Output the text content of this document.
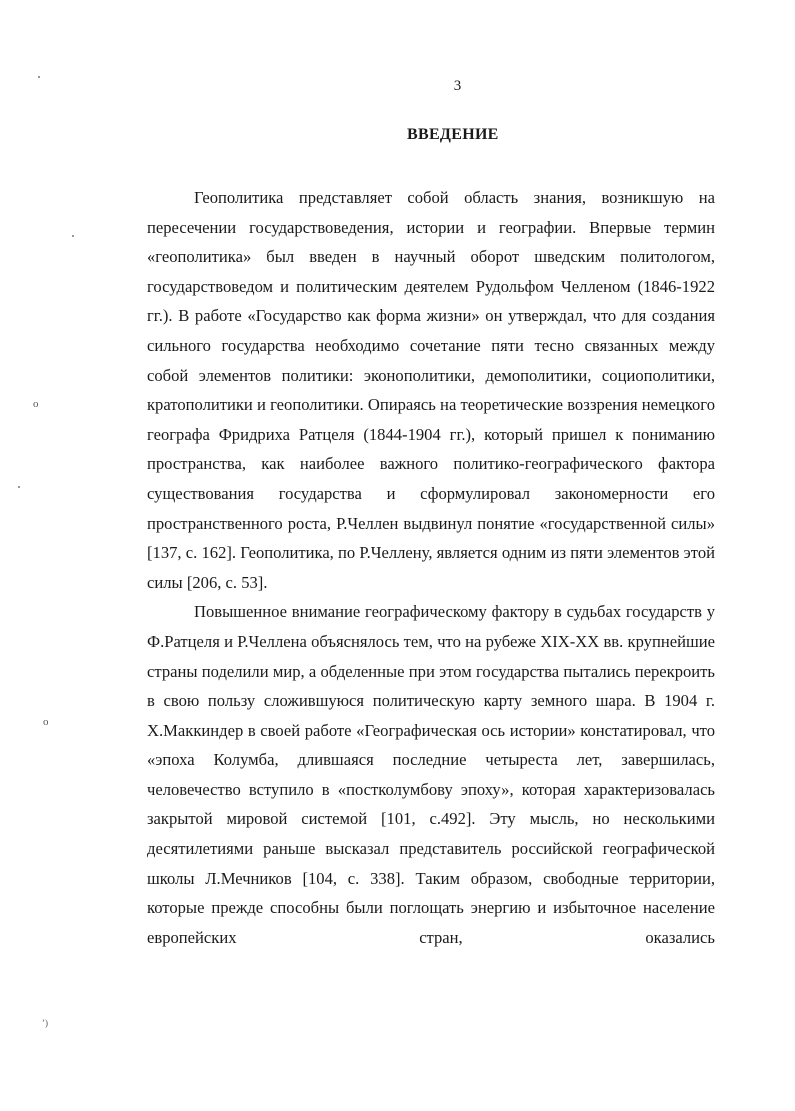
3
ВВЕДЕНИЕ

Геополитика представляет собой область знания, возникшую на пересечении государствоведения, истории и географии. Впервые термин «геополитика» был введен в научный оборот шведским политологом, государствоведом и политическим деятелем Рудольфом Челленом (1846-1922 гг.). В работе «Государство как форма жизни» он утверждал, что для создания сильного государства необходимо сочетание пяти тесно связанных между собой элементов политики: эконополитики, демополитики, социополитики, кратополитики и геополитики. Опираясь на теоретические воззрения немецкого географа Фридриха Ратцеля (1844-1904 гг.), который пришел к пониманию пространства, как наиболее важного политико-географического фактора существования государства и сформулировал закономерности его пространственного роста, Р.Челлен выдвинул понятие «государственной силы» [137, с. 162]. Геополитика, по Р.Челлену, является одним из пяти элементов этой силы [206, с. 53].

Повышенное внимание географическому фактору в судьбах государств у Ф.Ратцеля и Р.Челлена объяснялось тем, что на рубеже XIX-XX вв. крупнейшие страны поделили мир, а обделенные при этом государства пытались перекроить в свою пользу сложившуюся политическую карту земного шара. В 1904 г. Х.Маккиндер в своей работе «Географическая ось истории» констатировал, что «эпоха Колумба, длившаяся последние четыреста лет, завершилась, человечество вступило в «постколумбову эпоху», которая характеризовалась закрытой мировой системой [101, с.492]. Эту мысль, но несколькими десятилетиями раньше высказал представитель российской географической школы Л.Мечников [104, с. 338]. Таким образом, свободные территории, которые прежде способны были поглощать энергию и избыточное население европейских стран, оказались

o
o
ʼ)
